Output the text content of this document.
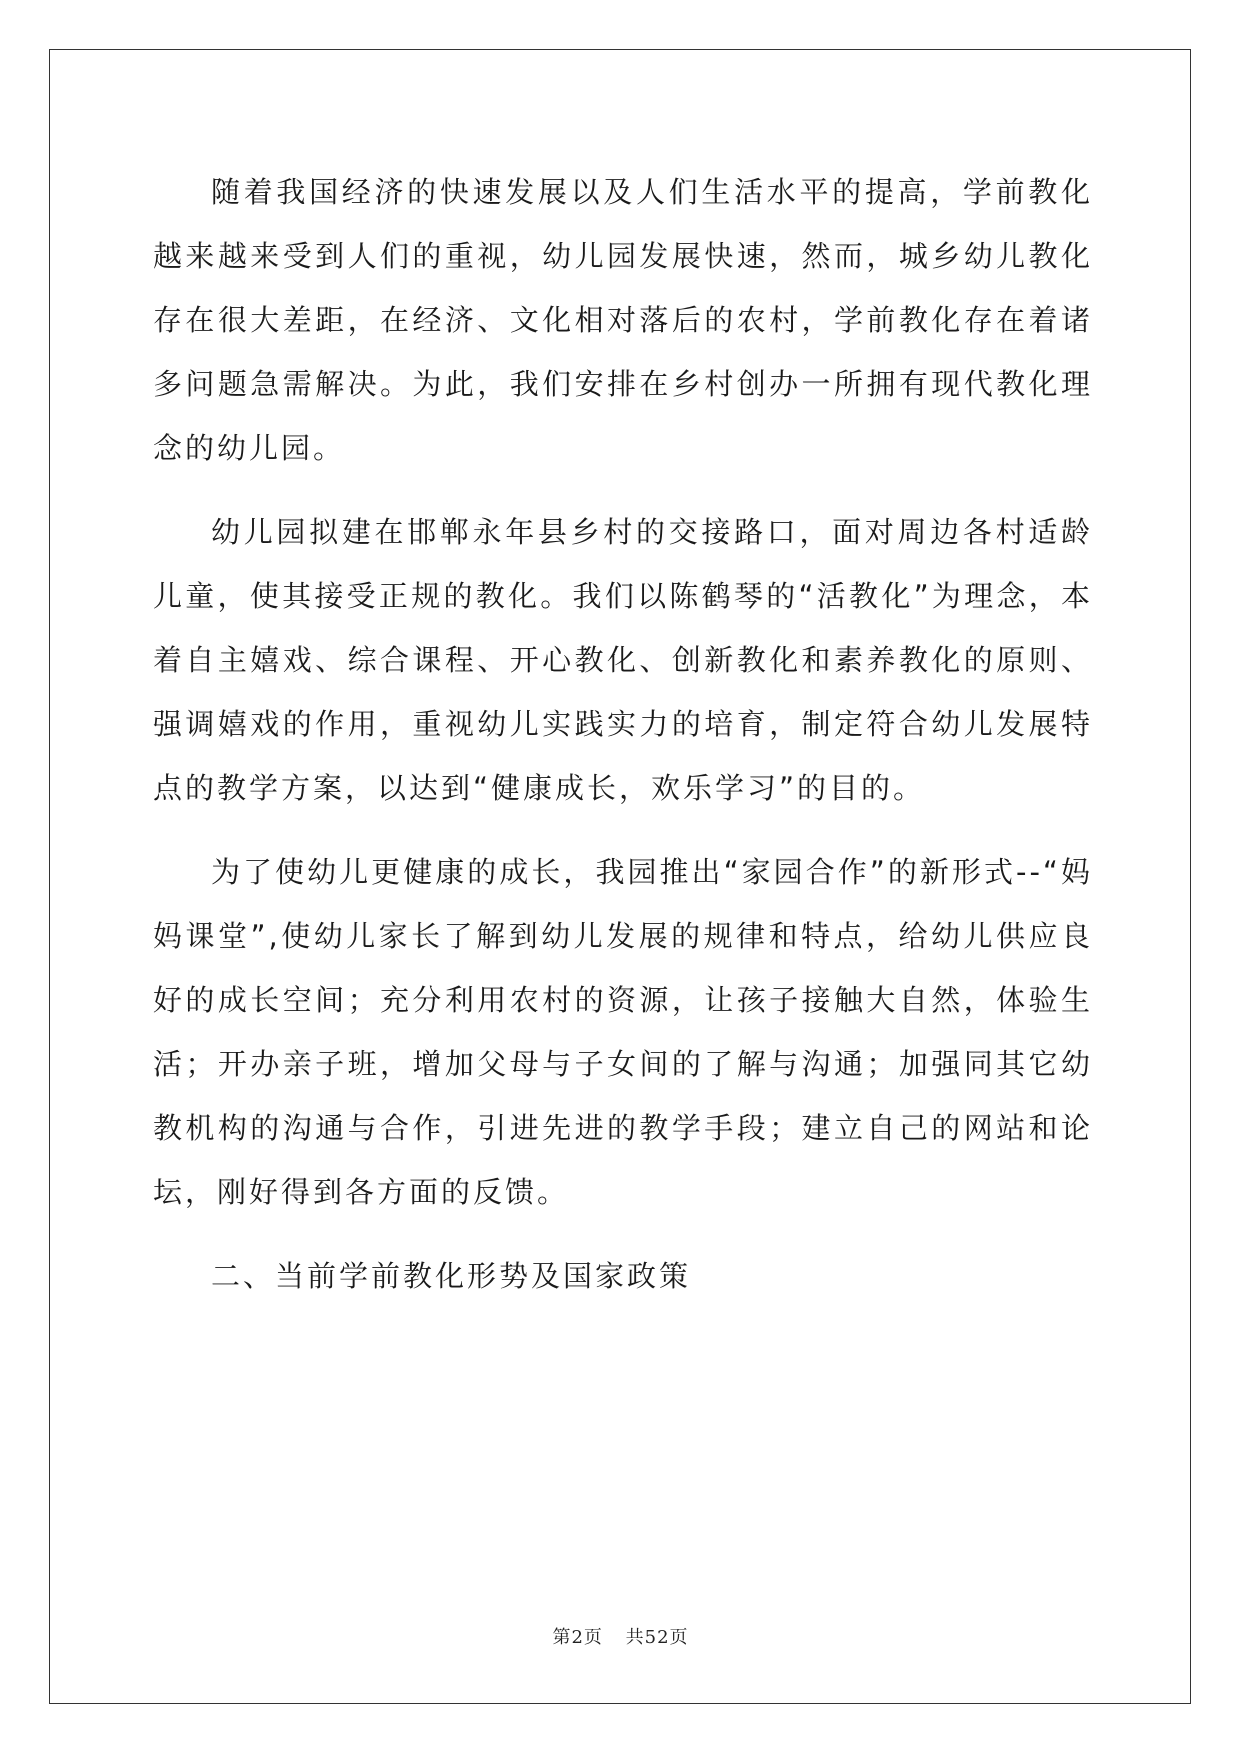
随着我国经济的快速发展以及人们生活水平的提高，学前教化越来越来受到人们的重视，幼儿园发展快速，然而，城乡幼儿教化存在很大差距，在经济、文化相对落后的农村，学前教化存在着诸多问题急需解决。为此，我们安排在乡村创办一所拥有现代教化理念的幼儿园。

幼儿园拟建在邯郸永年县乡村的交接路口，面对周边各村适龄儿童，使其接受正规的教化。我们以陈鹤琴的“活教化”为理念，本着自主嬉戏、综合课程、开心教化、创新教化和素养教化的原则、强调嬉戏的作用，重视幼儿实践实力的培育，制定符合幼儿发展特点的教学方案，以达到“健康成长，欢乐学习”的目的。

为了使幼儿更健康的成长，我园推出“家园合作”的新形式--“妈妈课堂”,使幼儿家长了解到幼儿发展的规律和特点，给幼儿供应良好的成长空间；充分利用农村的资源，让孩子接触大自然，体验生活；开办亲子班，增加父母与子女间的了解与沟通；加强同其它幼教机构的沟通与合作，引进先进的教学手段；建立自己的网站和论坛，刚好得到各方面的反馈。

二、当前学前教化形势及国家政策

第2页 共52页
